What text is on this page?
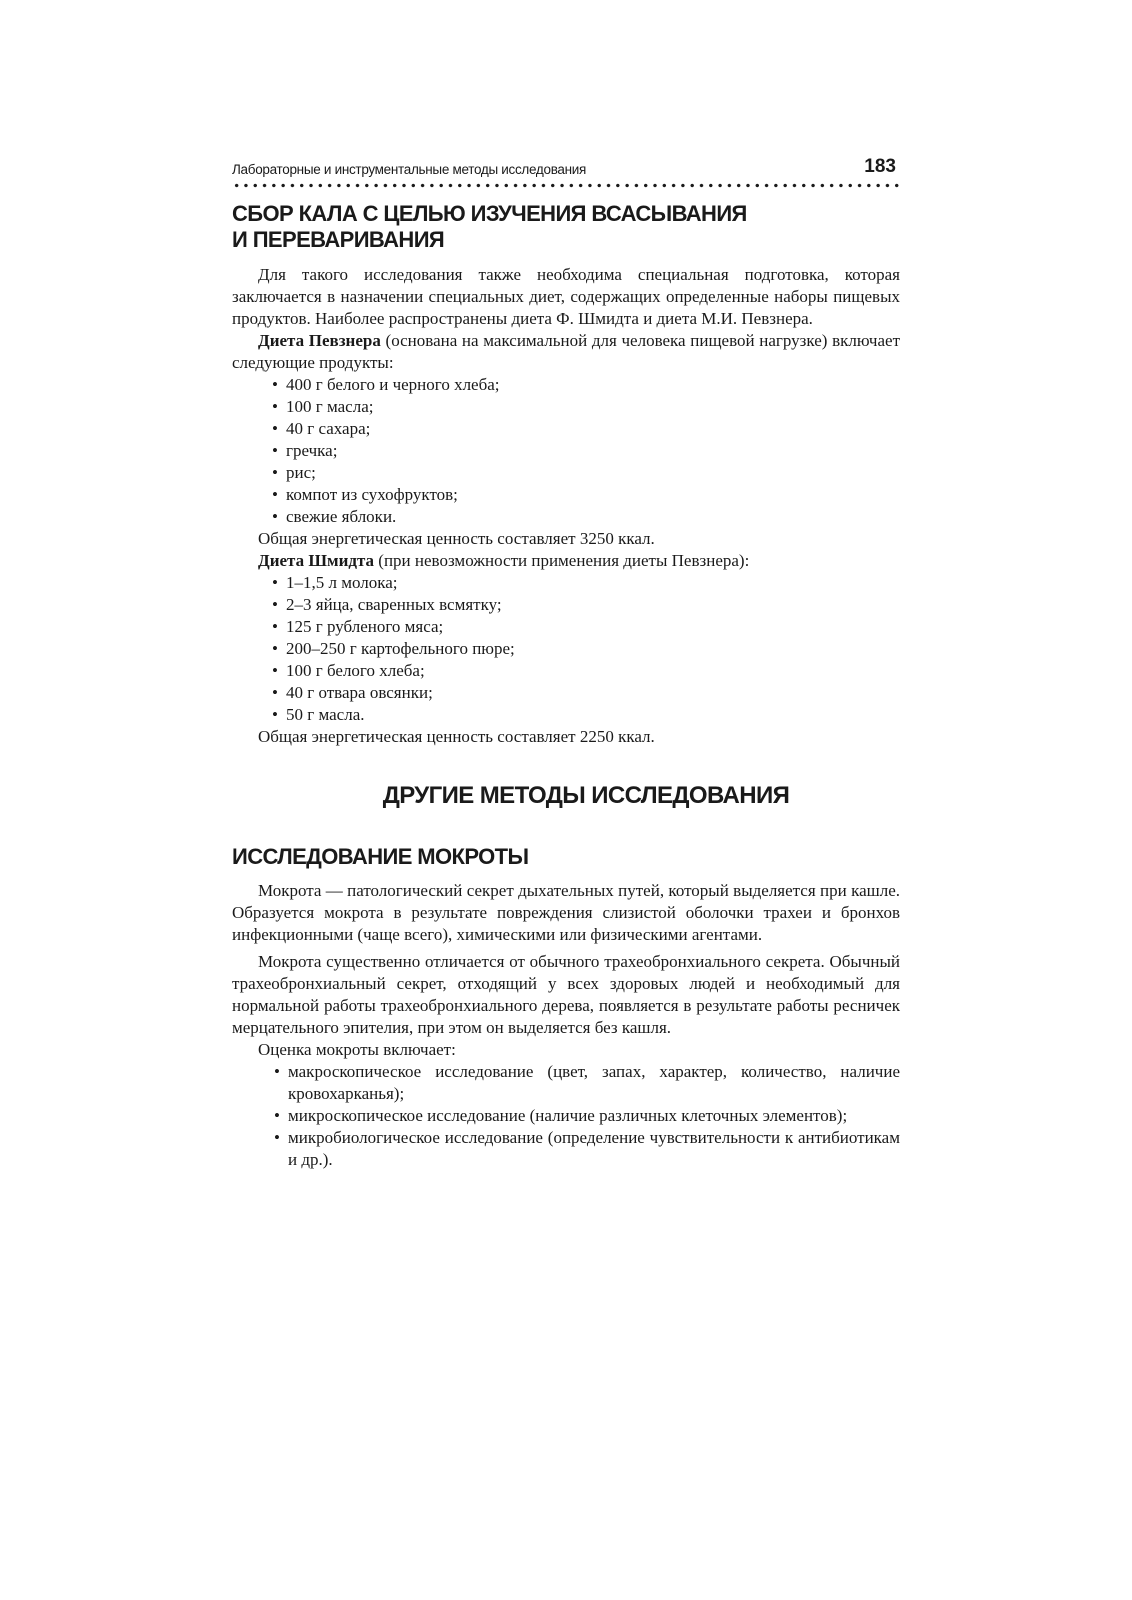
Лабораторные и инструментальные методы исследования	183
СБОР КАЛА С ЦЕЛЬЮ ИЗУЧЕНИЯ ВСАСЫВАНИЯ
И ПЕРЕВАРИВАНИЯ

Для такого исследования также необходима специальная подготовка, которая заключается в назначении специальных диет, содержащих определенные наборы пищевых продуктов. Наиболее распространены диета Ф. Шмидта и диета М.И. Певзнера.

Диета Певзнера (основана на максимальной для человека пищевой нагрузке) включает следующие продукты:

• 400 г белого и черного хлеба;
• 100 г масла;
• 40 г сахара;
• гречка;
• рис;
• компот из сухофруктов;
• свежие яблоки.

Общая энергетическая ценность составляет 3250 ккал.

Диета Шмидта (при невозможности применения диеты Певзнера):

• 1–1,5 л молока;
• 2–3 яйца, сваренных всмятку;
• 125 г рубленого мяса;
• 200–250 г картофельного пюре;
• 100 г белого хлеба;
• 40 г отвара овсянки;
• 50 г масла.

Общая энергетическая ценность составляет 2250 ккал.

ДРУГИЕ МЕТОДЫ ИССЛЕДОВАНИЯ
ИССЛЕДОВАНИЕ МОКРОТЫ

Мокрота — патологический секрет дыхательных путей, который выделяется при кашле. Образуется мокрота в результате повреждения слизистой оболочки трахеи и бронхов инфекционными (чаще всего), химическими или физическими агентами.

Мокрота существенно отличается от обычного трахеобронхиального секрета. Обычный трахеобронхиальный секрет, отходящий у всех здоровых людей и необходимый для нормальной работы трахеобронхиального дерева, появляется в результате работы ресничек мерцательного эпителия, при этом он выделяется без кашля.

Оценка мокроты включает:

• макроскопическое исследование (цвет, запах, характер, количество, наличие кровохарканья);
• микроскопическое исследование (наличие различных клеточных элементов);
• микробиологическое исследование (определение чувствительности к антибиотикам и др.).
